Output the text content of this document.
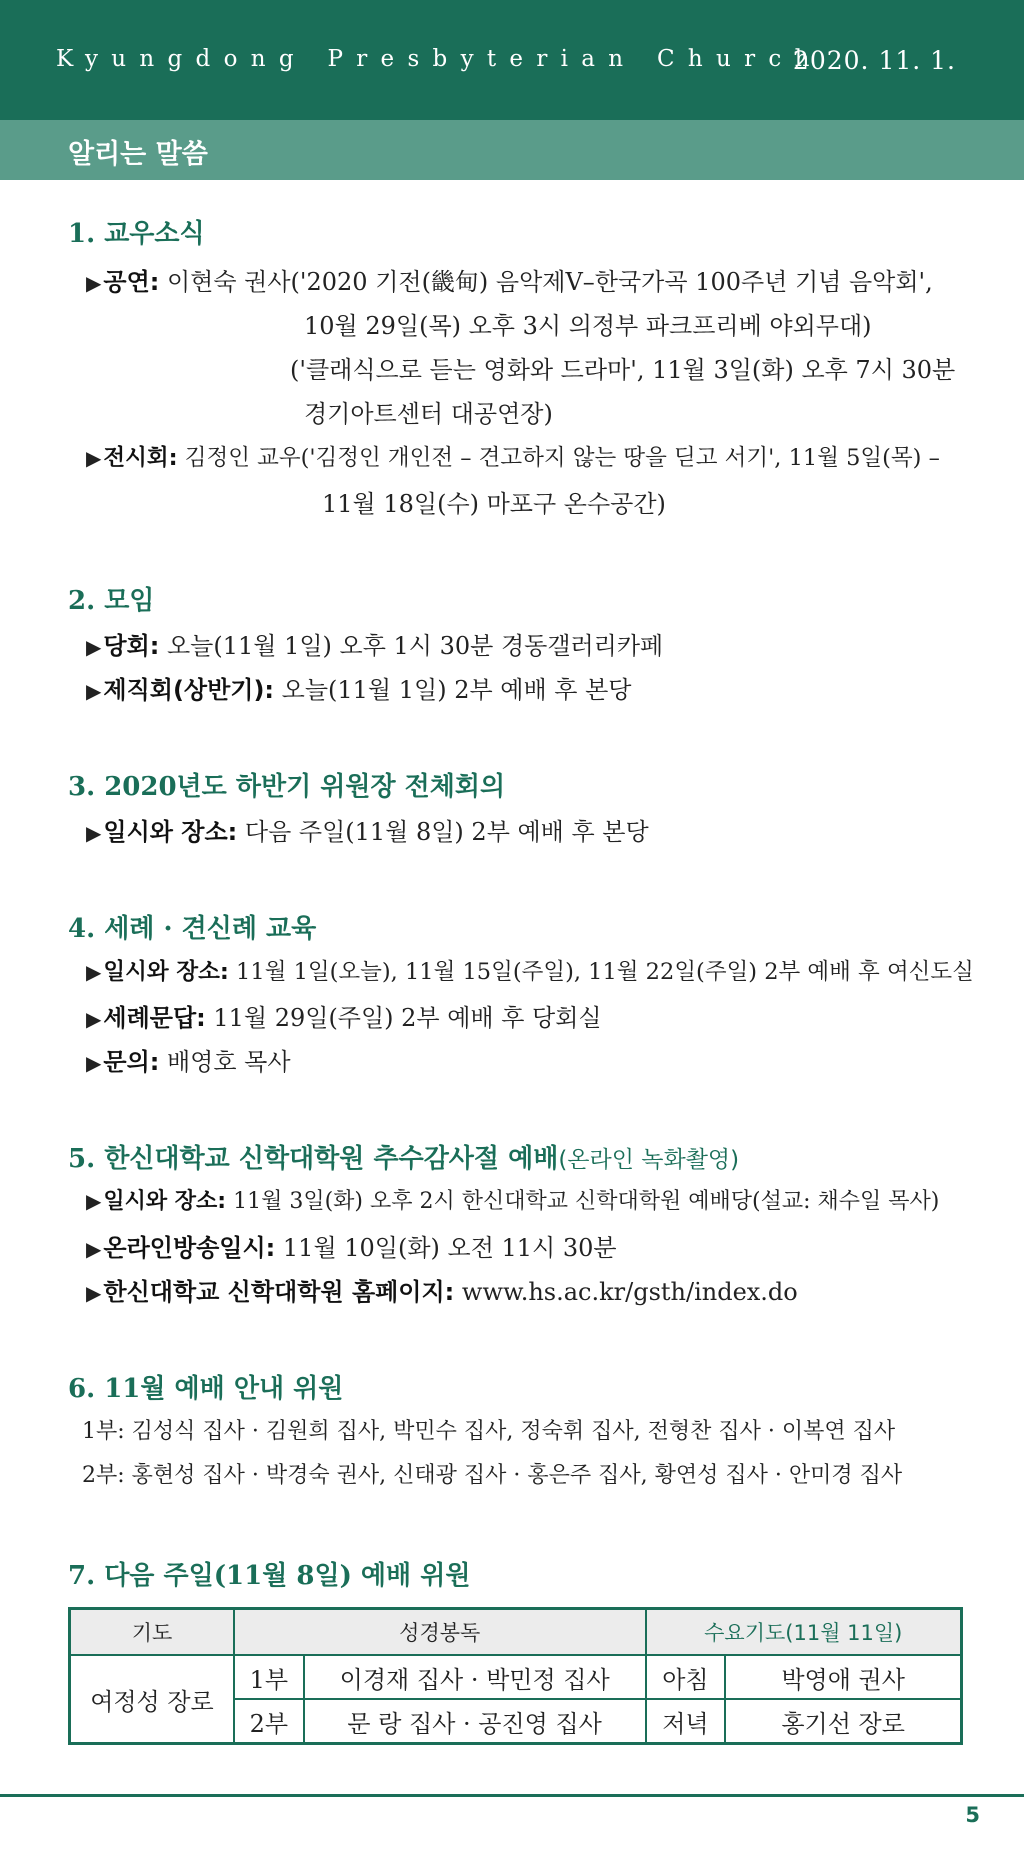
Kyungdong Presbyterian Church
2020. 11. 1.
알리는 말씀
1. 교우소식
▶공연: 이현숙 권사('2020 기전(畿甸) 음악제Ⅴ–한국가곡 100주년 기념 음악회',
10월 29일(목) 오후 3시 의정부 파크프리베 야외무대)
('클래식으로 듣는 영화와 드라마', 11월 3일(화) 오후 7시 30분
경기아트센터 대공연장)
▶전시회: 김정인 교우('김정인 개인전 – 견고하지 않는 땅을 딛고 서기', 11월 5일(목) –
11월 18일(수) 마포구 온수공간)
2. 모임
▶당회: 오늘(11월 1일) 오후 1시 30분 경동갤러리카페
▶제직회(상반기): 오늘(11월 1일) 2부 예배 후 본당
3. 2020년도 하반기 위원장 전체회의
▶일시와 장소: 다음 주일(11월 8일) 2부 예배 후 본당
4. 세례 · 견신례 교육
▶일시와 장소: 11월 1일(오늘), 11월 15일(주일), 11월 22일(주일) 2부 예배 후 여신도실
▶세례문답: 11월 29일(주일) 2부 예배 후 당회실
▶문의: 배영호 목사
5. 한신대학교 신학대학원 추수감사절 예배(온라인 녹화촬영)
▶일시와 장소: 11월 3일(화) 오후 2시 한신대학교 신학대학원 예배당(설교: 채수일 목사)
▶온라인방송일시: 11월 10일(화) 오전 11시 30분
▶한신대학교 신학대학원 홈페이지: www.hs.ac.kr/gsth/index.do
6. 11월 예배 안내 위원
1부: 김성식 집사 · 김원희 집사, 박민수 집사, 정숙휘 집사, 전형찬 집사 · 이복연 집사
2부: 홍현성 집사 · 박경숙 권사, 신태광 집사 · 홍은주 집사, 황연성 집사 · 안미경 집사
7. 다음 주일(11월 8일) 예배 위원
기도	성경봉독		수요기도(11월 11일)	
여정성 장로	1부	이경재 집사 · 박민정 집사	아침	박영애 권사
	2부	문 랑 집사 · 공진영 집사	저녁	홍기선 장로
5
